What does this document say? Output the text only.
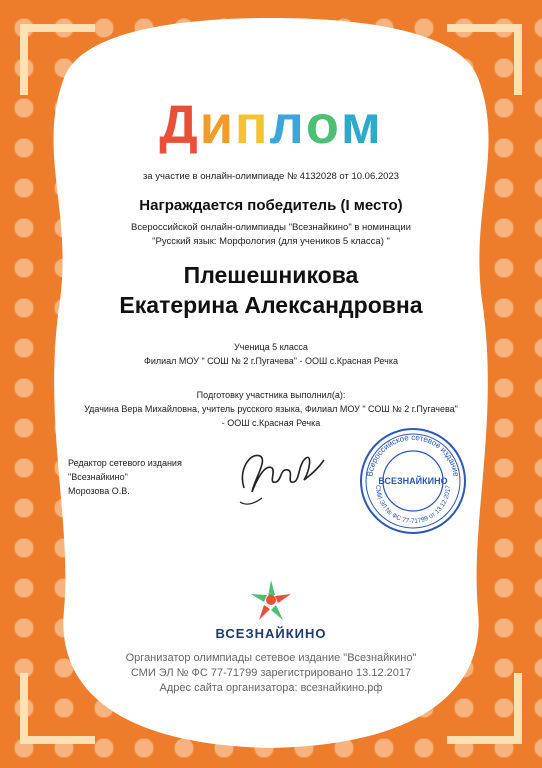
Диплом
за участие в онлайн-олимпиаде № 4132028 от 10.06.2023
Награждается победитель (I место)
Всероссийской онлайн-олимпиады "Всезнайкино" в номинации
"Русский язык: Морфология (для учеников 5 класса) "
Плешешникова
Екатерина Александровна
Ученица 5 класса
Филиал МОУ " СОШ № 2 г.Пугачева" - ООШ с.Красная Речка
Подготовку участника выполнил(а):
Удачина Вера Михайловна, учитель русского языка, Филиал МОУ " СОШ № 2 г.Пугачева"
- ООШ с.Красная Речка
Редактор сетевого издания
"Всезнайкино"
Морозова О.В.
Всероссийское сетевое издание
СМИ ЭЛ № ФС 77-71799 от 13.12.2017
ВСЕЗНАЙКИНО
ВСЕЗНАЙКИНО
Организатор олимпиады сетевое издание "Всезнайкино"
СМИ ЭЛ № ФС 77-71799 зарегистрировано 13.12.2017
Адрес сайта организатора: всезнайкино.рф
